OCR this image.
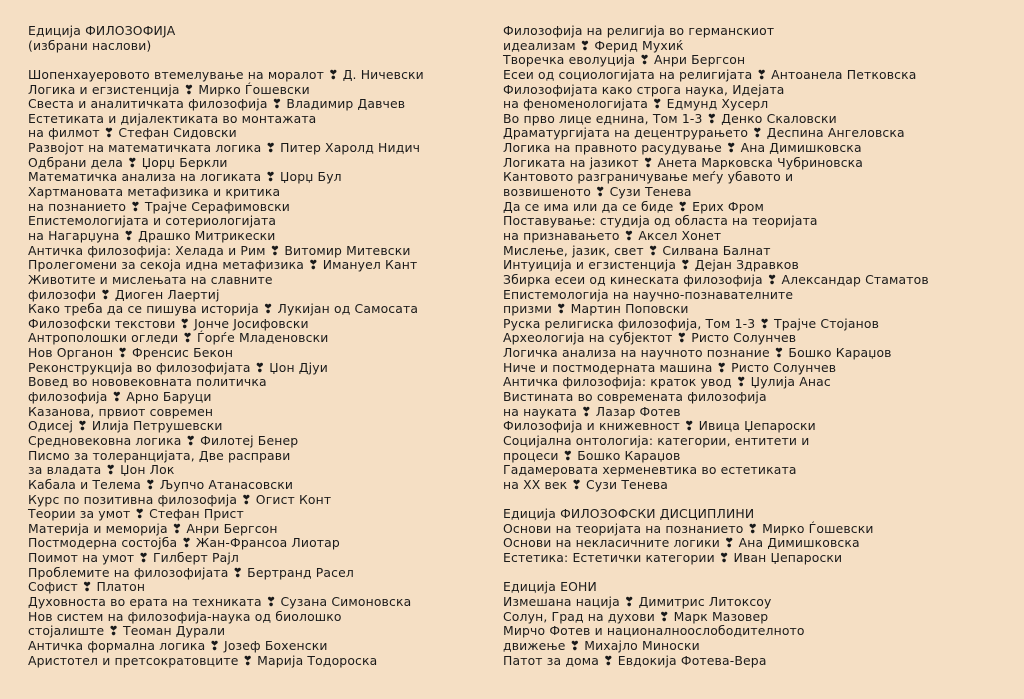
Едиција ФИЛОЗОФИЈА
(избрани наслови)
Шопенхауеровото втемелување на моралот ❣ Д. Ничевски
Логика и егзистенција ❣ Мирко Ѓошевски
Свеста и аналитичката филозофија ❣ Владимир Давчев
Естетиката и дијалектиката во монтажата
на филмот ❣ Стефан Сидовски
Развојот на математичката логика ❣ Питер Харолд Нидич
Одбрани дела ❣ Џорџ Беркли
Математичка анализа на логиката ❣ Џорџ Бул
Хартмановата метафизика и критика
на познанието ❣ Трајче Серафимовски
Епистемологијата и сотериологијата
на Нагарџуна ❣ Драшко Митрикески
Античка филозофија: Хелада и Рим ❣ Витомир Митевски
Пролегомени за секоја идна метафизика ❣ Имануел Кант
Животите и мислењата на славните
филозофи ❣ Диоген Лаертиј
Како треба да се пишува историја ❣ Лукијан од Самосата
Филозофски текстови ❣ Јонче Јосифовски
Антрополошки огледи ❣ Ѓорѓе Младеновски
Нов Органон ❣ Френсис Бекон
Реконструкција во филозофијата ❣ Џон Дјуи
Вовед во нововековната политичка
филозофија ❣ Арно Баруци
Казанова, првиот современ
Одисеј ❣ Илија Петрушевски
Средновековна логика ❣ Филотеј Бенер
Писмо за толеранцијата, Две расправи
за владата ❣ Џон Лок
Кабала и Телема ❣ Љупчо Атанасовски
Курс по позитивна филозофија ❣ Огист Конт
Теории за умот ❣ Стефан Прист
Материја и меморија ❣ Анри Бергсон
Постмодерна состојба ❣ Жан-Франсоа Лиотар
Поимот на умот ❣ Гилберт Рајл
Проблемите на филозофијата ❣ Бертранд Расел
Софист ❣ Платон
Духовноста во ерата на техниката ❣ Сузана Симоновска
Нов систем на филозофија-наука од биолошко
стојалиште ❣ Теоман Дурали
Античка формална логика ❣ Јозеф Бохенски
Аристотел и претсократовците ❣ Марија Тодороска
Филозофија на религија во германскиот
идеализам ❣ Ферид Мухиќ
Творечка еволуција ❣ Анри Бергсон
Есеи од социологијата на религијата ❣ Антоанела Петковска
Филозофијата како строга наука, Идејата
на феноменологијата ❣ Едмунд Хусерл
Во прво лице еднина, Том 1-3 ❣ Денко Скаловски
Драматургијата на децентрурањето ❣ Деспина Ангеловска
Логика на правното расудување ❣ Ана Димишковска
Логиката на јазикот ❣ Анета Марковска Чубриновска
Кантовото разграничување меѓу убавото и
возвишеното ❣ Сузи Тенева
Да се има или да се биде ❣ Ерих Фром
Поставување: студија од областа на теоријата
на признавањето ❣ Аксел Хонет
Мислење, јазик, свет ❣ Силвана Балнат
Интуиција и егзистенција ❣ Дејан Здравков
Збирка есеи од кинеската филозофија ❣ Александар Стаматов
Епистемологија на научно-познавателните
призми ❣ Мартин Поповски
Руска религиска филозофија, Том 1-3 ❣ Трајче Стојанов
Археологија на субјектот ❣ Ристо Солунчев
Логичка анализа на научното познание ❣ Бошко Караџов
Ниче и постмодерната машина ❣ Ристо Солунчев
Античка филозофија: краток увод ❣ Џулија Анас
Вистината во современата филозофија
на науката ❣ Лазар Фотев
Филозофија и книжевност ❣ Ивица Џепароски
Социјална онтологија: категории, ентитети и
процеси ❣ Бошко Караџов
Гадамеровата херменевтика во естетиката
на XX век ❣ Сузи Тенева
Едиција ФИЛОЗОФСКИ ДИСЦИПЛИНИ
Основи на теоријата на познанието ❣ Мирко Ѓошевски
Основи на некласичните логики ❣ Ана Димишковска
Естетика: Естетички категории ❣ Иван Џепароски
Едиција ЕОНИ
Измешана нација ❣ Димитрис Литоксоу
Солун, Град на духови ❣ Марк Мазовер
Мирчо Фотев и националноослободителното
движење ❣ Михајло Миноски
Патот за дома ❣ Евдокија Фотева-Вера
